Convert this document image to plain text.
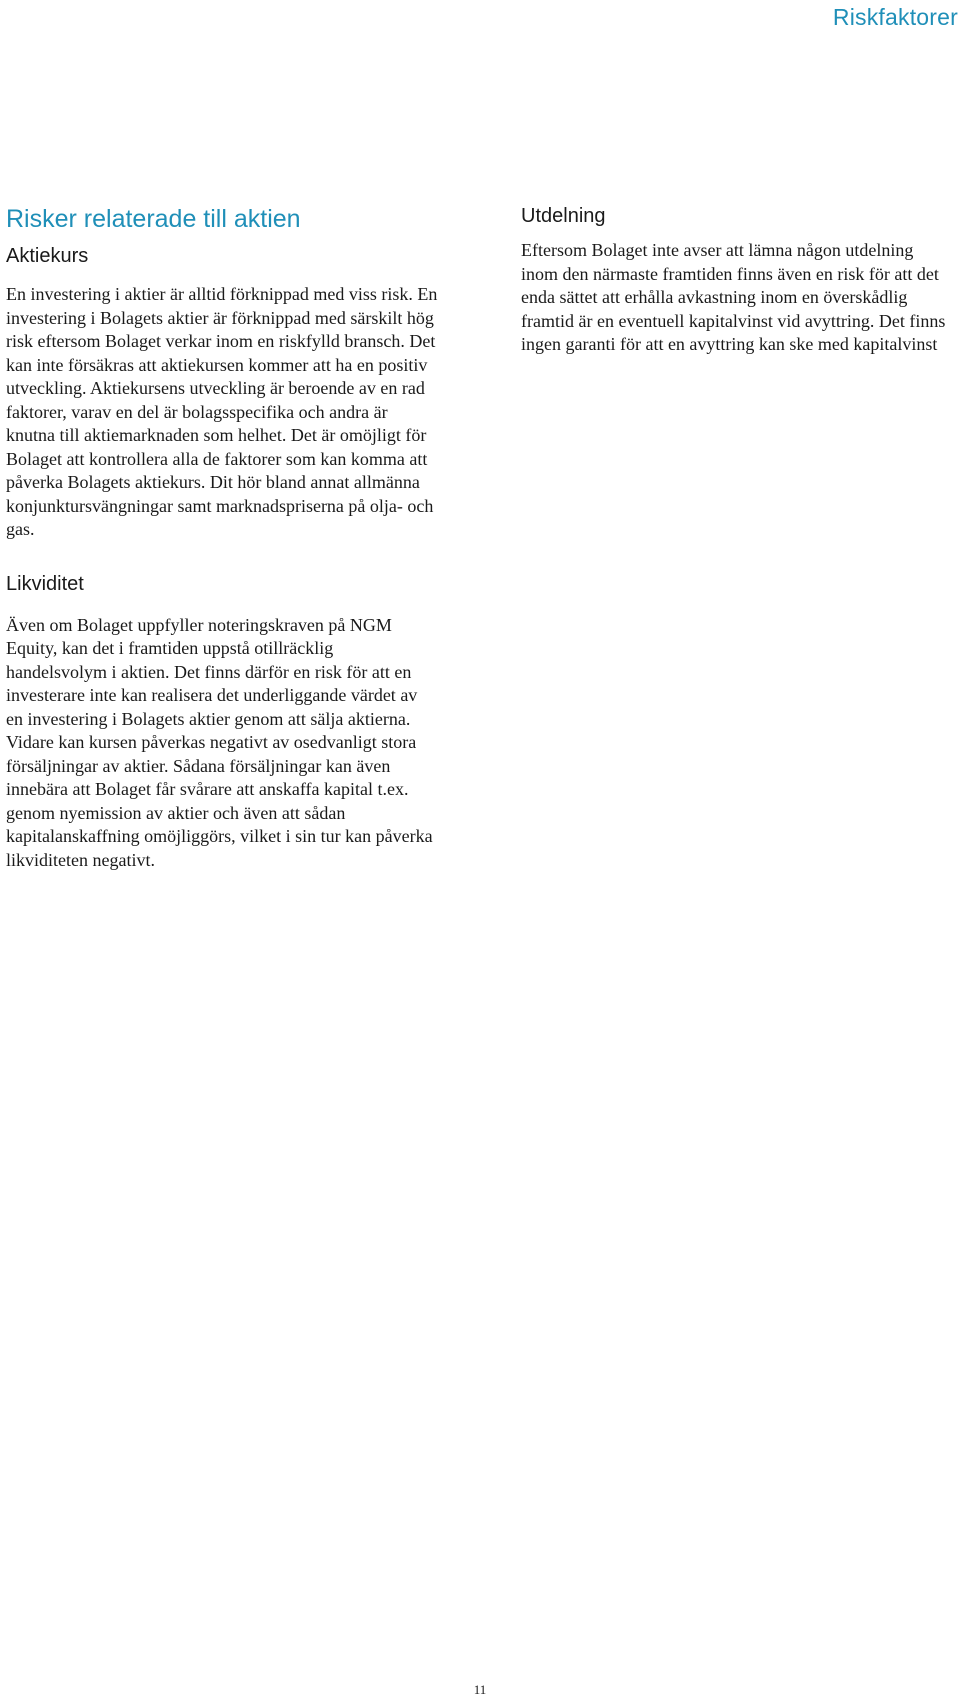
Riskfaktorer
Risker relaterade till aktien
Aktiekurs

En investering i aktier är alltid förknippad med viss risk. En investering i Bolagets aktier är förknippad med särskilt hög risk eftersom Bolaget verkar inom en riskfylld bransch. Det kan inte försäkras att aktiekursen kommer att ha en positiv utveckling. Aktiekursens utveckling är beroende av en rad faktorer, varav en del är bolagsspecifika och andra är knutna till aktiemarknaden som helhet. Det är omöjligt för Bolaget att kontrollera alla de faktorer som kan komma att påverka Bolagets aktiekurs. Dit hör bland annat allmänna konjunktursvängningar samt marknadspriserna på olja- och gas.

Likviditet

Även om Bolaget uppfyller noteringskraven på NGM Equity, kan det i framtiden uppstå otillräcklig handelsvolym i aktien. Det finns därför en risk för att en investerare inte kan realisera det underliggande värdet av en investering i Bolagets aktier genom att sälja aktierna. Vidare kan kursen påverkas negativt av osedvanligt stora försäljningar av aktier. Sådana försäljningar kan även innebära att Bolaget får svårare att anskaffa kapital t.ex. genom nyemission av aktier och även att sådan kapitalanskaffning omöjliggörs, vilket i sin tur kan påverka likviditeten negativt.

Utdelning

Eftersom Bolaget inte avser att lämna någon utdelning inom den närmaste framtiden finns även en risk för att det enda sättet att erhålla avkastning inom en överskådlig framtid är en eventuell kapitalvinst vid avyttring. Det finns ingen garanti för att en avyttring kan ske med kapitalvinst

11
